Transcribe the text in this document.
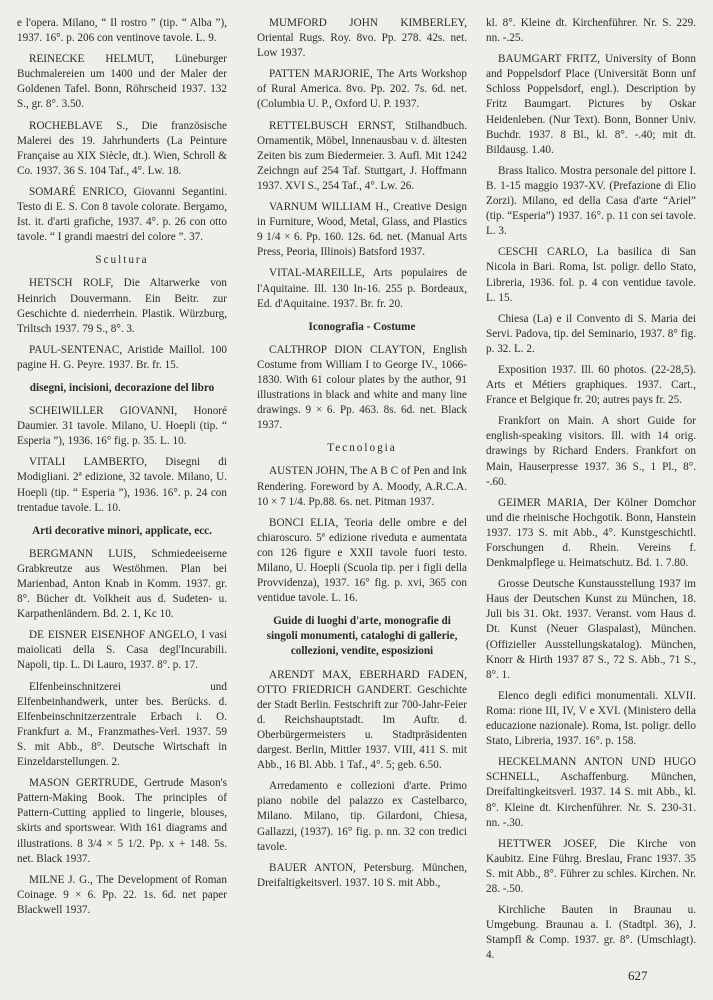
e l'opera. Milano, “ Il rostro ” (tip. “ Alba ”), 1937. 16°. p. 206 con ventinove tavole. L. 9.

REINECKE HELMUT, Lüneburger Buchmalereien um 1400 und der Maler der Goldenen Tafel. Bonn, Röhrscheid 1937. 132 S., gr. 8°. 3.50.

ROCHEBLAVE S., Die französische Malerei des 19. Jahrhunderts (La Peinture Française au XIX Siècle, dt.). Wien, Schroll & Co. 1937. 36 S. 104 Taf., 4°. Lw. 18.

SOMARÉ ENRICO, Giovanni Segantini. Testo di E. S. Con 8 tavole colorate. Bergamo, Ist. it. d'arti grafiche, 1937. 4°. p. 26 con otto tavole. “ I grandi maestri del colore ”. 37.

Scultura

HETSCH ROLF, Die Altarwerke von Heinrich Douvermann. Ein Beitr. zur Geschichte d. niederrhein. Plastik. Würzburg, Triltsch 1937. 79 S., 8°. 3.

PAUL-SENTENAC, Aristide Maillol. 100 pagine H. G. Peyre. 1937. Br. fr. 15.

disegni, incisioni, decorazione del libro

SCHEIWILLER GIOVANNI, Honoré Daumier. 31 tavole. Milano, U. Hoepli (tip. “ Esperia ”), 1936. 16° fig. p. 35. L. 10.

VITALI LAMBERTO, Disegni di Modigliani. 2ª edizione, 32 tavole. Milano, U. Hoepli (tip. “ Esperia ”), 1936. 16°. p. 24 con trentadue tavole. L. 10.

Arti decorative minori, applicate, ecc.

BERGMANN LUIS, Schmiedeeiserne Grabkreutze aus Westöhmen. Plan bei Marienbad, Anton Knab in Komm. 1937. gr. 8°. Bücher dt. Volkheit aus d. Sudeten- u. Karpathenländern. Bd. 2. 1, Kc 10.

DE EISNER EISENHOF ANGELO, I vasi maiolicati della S. Casa degl'Incurabili. Napoli, tip. L. Di Lauro, 1937. 8°. p. 17.

Elfenbeinschnitzerei und Elfenbeinhandwerk, unter bes. Berücks. d. Elfenbeinschnitzerzentrale Erbach i. O. Frankfurt a. M., Franzmathes-Verl. 1937. 59 S. mit Abb., 8°. Deutsche Wirtschaft in Einzeldarstellungen. 2.

MASON GERTRUDE, Gertrude Mason's Pattern-Making Book. The principles of Pattern-Cutting applied to lingerie, blouses, skirts and sportswear. With 161 diagrams and illustrations. 8 3/4 × 5 1/2. Pp. x + 148. 5s. net. Black 1937.

MILNE J. G., The Development of Roman Coinage. 9 × 6. Pp. 22. 1s. 6d. net paper Blackwell 1937.

MUMFORD JOHN KIMBERLEY, Oriental Rugs. Roy. 8vo. Pp. 278. 42s. net. Low 1937.

PATTEN MARJORIE, The Arts Workshop of Rural America. 8vo. Pp. 202. 7s. 6d. net. (Columbia U. P., Oxford U. P. 1937.

RETTELBUSCH ERNST, Stilhandbuch. Ornamentik, Möbel, Innenausbau v. d. ältesten Zeiten bis zum Biedermeier. 3. Aufl. Mit 1242 Zeichngn auf 254 Taf. Stuttgart, J. Hoffmann 1937. XVI S., 254 Taf., 4°. Lw. 26.

VARNUM WILLIAM H., Creative Design in Furniture, Wood, Metal, Glass, and Plastics 9 1/4 × 6. Pp. 160. 12s. 6d. net. (Manual Arts Press, Peoria, Illinois) Batsford 1937.

VITAL-MAREILLE, Arts populaires de l'Aquitaine. Ill. 130 In-16. 255 p. Bordeaux, Ed. d'Aquitaine. 1937. Br. fr. 20.

Iconografia - Costume

CALTHROP DION CLAYTON, English Costume from William I to George IV., 1066-1830. With 61 colour plates by the author, 91 illustrations in black and white and many line drawings. 9 × 6. Pp. 463. 8s. 6d. net. Black 1937.

Tecnologia

AUSTEN JOHN, The A B C of Pen and Ink Rendering. Foreword by A. Moody, A.R.C.A. 10 × 7 1/4. Pp.88. 6s. net. Pitman 1937.

BONCI ELIA, Teoria delle ombre e del chiaroscuro. 5ª edizione riveduta e aumentata con 126 figure e XXII tavole fuori testo. Milano, U. Hoepli (Scuola tip. per i figli della Provvidenza), 1937. 16° fig. p. xvi, 365 con ventidue tavole. L. 16.

Guide di luoghi d'arte, monografie di singoli monumenti, cataloghi di gallerie, collezioni, vendite, esposizioni

ARENDT MAX, EBERHARD FADEN, OTTO FRIEDRICH GANDERT. Geschichte der Stadt Berlin. Festschrift zur 700-Jahr-Feier d. Reichshauptstadt. Im Auftr. d. Oberbürgermeisters u. Stadtpräsidenten dargest. Berlin, Mittler 1937. VIII, 411 S. mit Abb., 16 Bl. Abb. 1 Taf., 4°. 5; geb. 6.50.

Arredamento e collezioni d'arte. Primo piano nobile del palazzo ex Castelbarco, Milano. Milano, tip. Gilardoni, Chiesa, Gallazzi, (1937). 16° fig. p. nn. 32 con tredici tavole.

BAUER ANTON, Petersburg. München, Dreifaltigkeitsverl. 1937. 10 S. mit Abb.,

kl. 8°. Kleine dt. Kirchenführer. Nr. S. 229. nn. -.25.

BAUMGART FRITZ, University of Bonn and Poppelsdorf Place (Universität Bonn unf Schloss Poppelsdorf, engl.). Description by Fritz Baumgart. Pictures by Oskar Heidenleben. (Nur Text). Bonn, Bonner Univ. Buchdr. 1937. 8 Bl., kl. 8°. -.40; mit dt. Bildausg. 1.40.

Brass Italico. Mostra personale del pittore I. B. 1-15 maggio 1937-XV. (Prefazione di Elio Zorzi). Milano, ed della Casa d'arte “Ariel” (tip. “Esperia”) 1937. 16°. p. 11 con sei tavole. L. 3.

CESCHI CARLO, La basilica di San Nicola in Bari. Roma, Ist. poligr. dello Stato, Libreria, 1936. fol. p. 4 con ventidue tavole. L. 15.

Chiesa (La) e il Convento di S. Maria dei Servi. Padova, tip. del Seminario, 1937. 8° fig. p. 32. L. 2.

Exposition 1937. Ill. 60 photos. (22-28,5). Arts et Métiers graphiques. 1937. Cart., France et Belgique fr. 20; autres pays fr. 25.

Frankfort on Main. A short Guide for english-speaking visitors. Ill. with 14 orig. drawings by Richard Enders. Frankfort on Main, Hauserpresse 1937. 36 S., 1 Pl., 8°. -.60.

GEIMER MARIA, Der Kölner Domchor und die rheinische Hochgotik. Bonn, Hanstein 1937. 173 S. mit Abb., 4°. Kunstgeschichtl. Forschungen d. Rhein. Vereins f. Denkmalpflege u. Heimatschutz. Bd. 1. 7.80.

Grosse Deutsche Kunstausstellung 1937 im Haus der Deutschen Kunst zu München, 18. Juli bis 31. Okt. 1937. Veranst. vom Haus d. Dt. Kunst (Neuer Glaspalast), München. (Offizieller Ausstellungskatalog). München, Knorr & Hirth 1937 87 S., 72 S. Abb., 71 S., 8°. 1.

Elenco degli edifici monumentali. XLVII. Roma: rione III, IV, V e XVI. (Ministero della educazione nazionale). Roma, Ist. poligr. dello Stato, Libreria, 1937. 16°. p. 158.

HECKELMANN ANTON UND HUGO SCHNELL, Aschaffenburg. München, Dreifaltingkeitsverl. 1937. 14 S. mit Abb., kl. 8°. Kleine dt. Kirchenführer. Nr. S. 230-31. nn. -.30.

HETTWER JOSEF, Die Kirche von Kaubitz. Eine Führg. Breslau, Franc 1937. 35 S. mit Abb., 8°. Führer zu schles. Kirchen. Nr. 28. -.50.

Kirchliche Bauten in Braunau u. Umgebung. Braunau a. I. (Stadtpl. 36), J. Stampfl & Comp. 1937. gr. 8°. (Umschlagt). 4.

627
